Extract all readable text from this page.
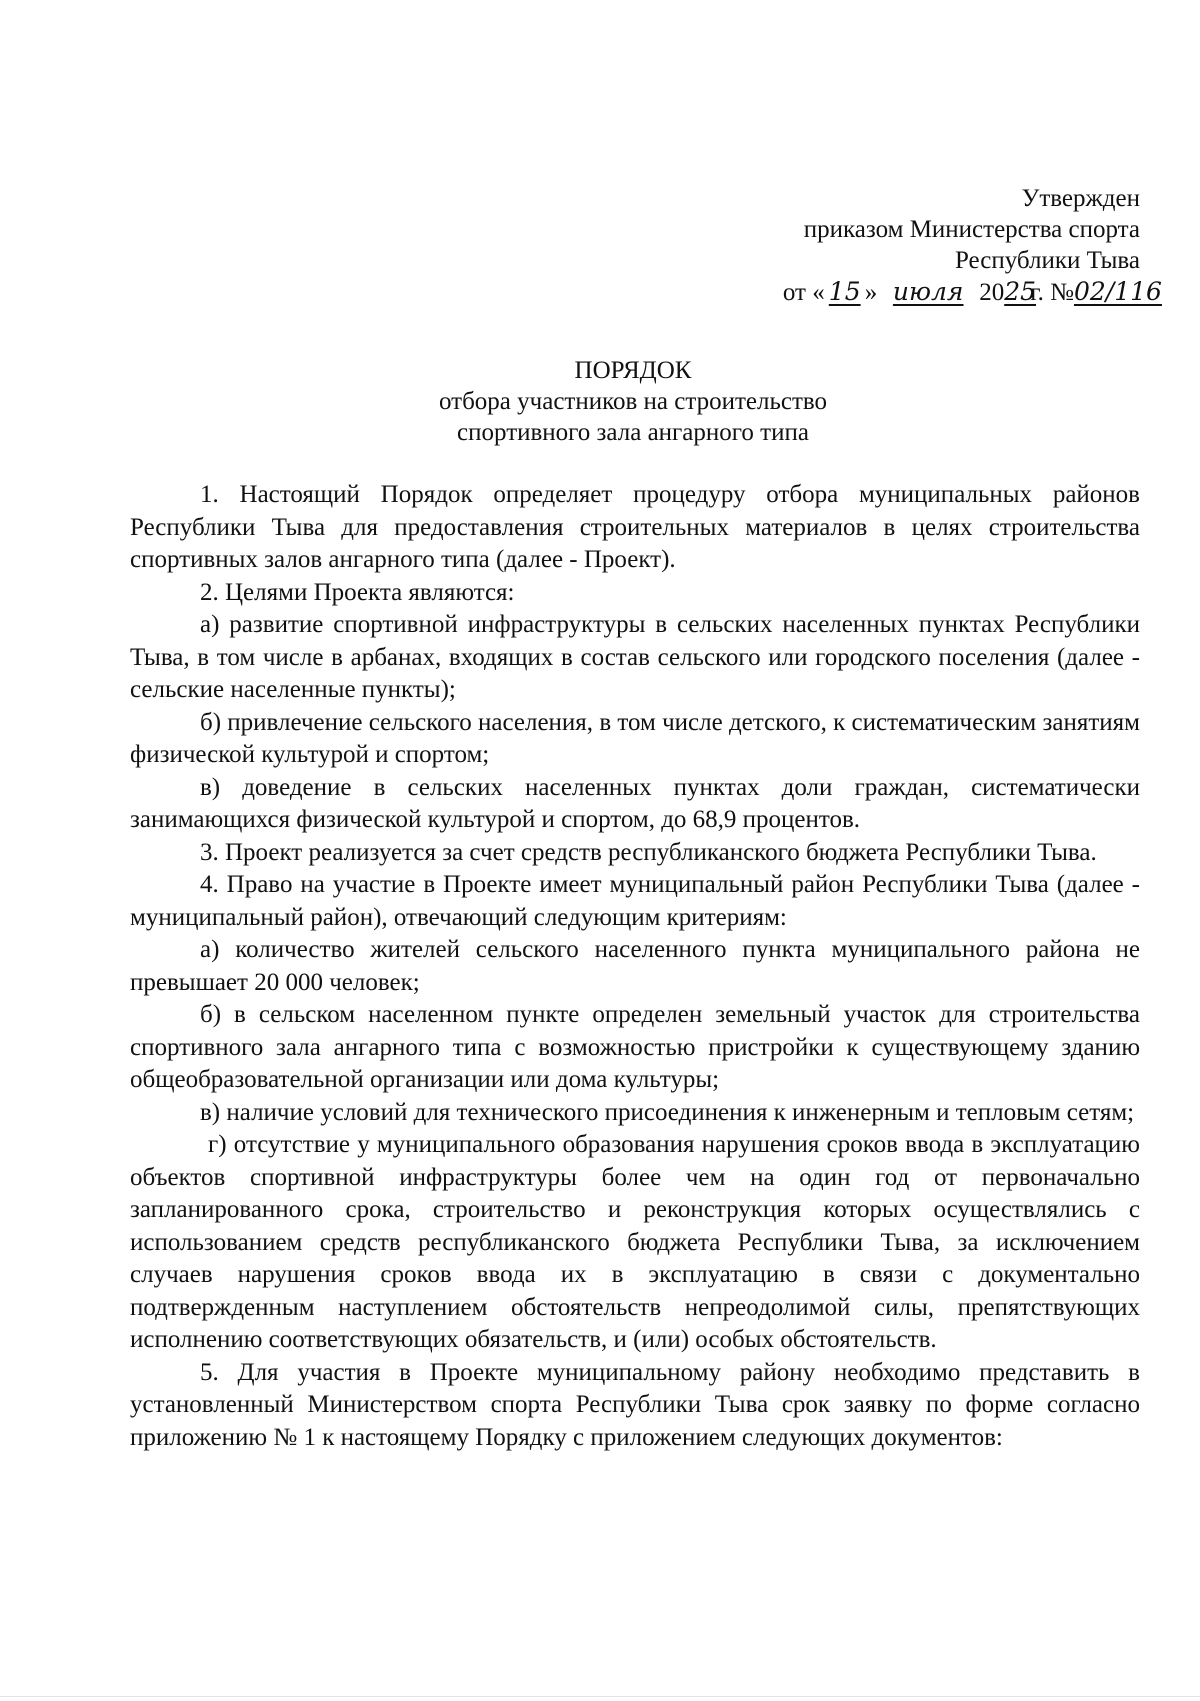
Утвержден
приказом Министерства спорта
Республики Тыва
от « 15 » июля 2025г. №02/116
ПОРЯДОК
отбора участников на строительство
спортивного зала ангарного типа

1. Настоящий Порядок определяет процедуру отбора муниципальных районов Республики Тыва для предоставления строительных материалов в целях строительства спортивных залов ангарного типа (далее - Проект).

2. Целями Проекта являются:

а) развитие спортивной инфраструктуры в сельских населенных пунктах Республики Тыва, в том числе в арбанах, входящих в состав сельского или городского поселения (далее - сельские населенные пункты);

б) привлечение сельского населения, в том числе детского, к систематическим занятиям физической культурой и спортом;

в) доведение в сельских населенных пунктах доли граждан, систематически занимающихся физической культурой и спортом, до 68,9 процентов.

3. Проект реализуется за счет средств республиканского бюджета Республики Тыва.

4. Право на участие в Проекте имеет муниципальный район Республики Тыва (далее - муниципальный район), отвечающий следующим критериям:

а) количество жителей сельского населенного пункта муниципального района не превышает 20 000 человек;

б) в сельском населенном пункте определен земельный участок для строительства спортивного зала ангарного типа с возможностью пристройки к существующему зданию общеобразовательной организации или дома культуры;

в) наличие условий для технического присоединения к инженерным и тепловым сетям;

г) отсутствие у муниципального образования нарушения сроков ввода в эксплуатацию объектов спортивной инфраструктуры более чем на один год от первоначально запланированного срока, строительство и реконструкция которых осуществлялись с использованием средств республиканского бюджета Республики Тыва, за исключением случаев нарушения сроков ввода их в эксплуатацию в связи с документально подтвержденным наступлением обстоятельств непреодолимой силы, препятствующих исполнению соответствующих обязательств, и (или) особых обстоятельств.

5. Для участия в Проекте муниципальному району необходимо представить в установленный Министерством спорта Республики Тыва срок заявку по форме согласно приложению № 1 к настоящему Порядку с приложением следующих документов:
